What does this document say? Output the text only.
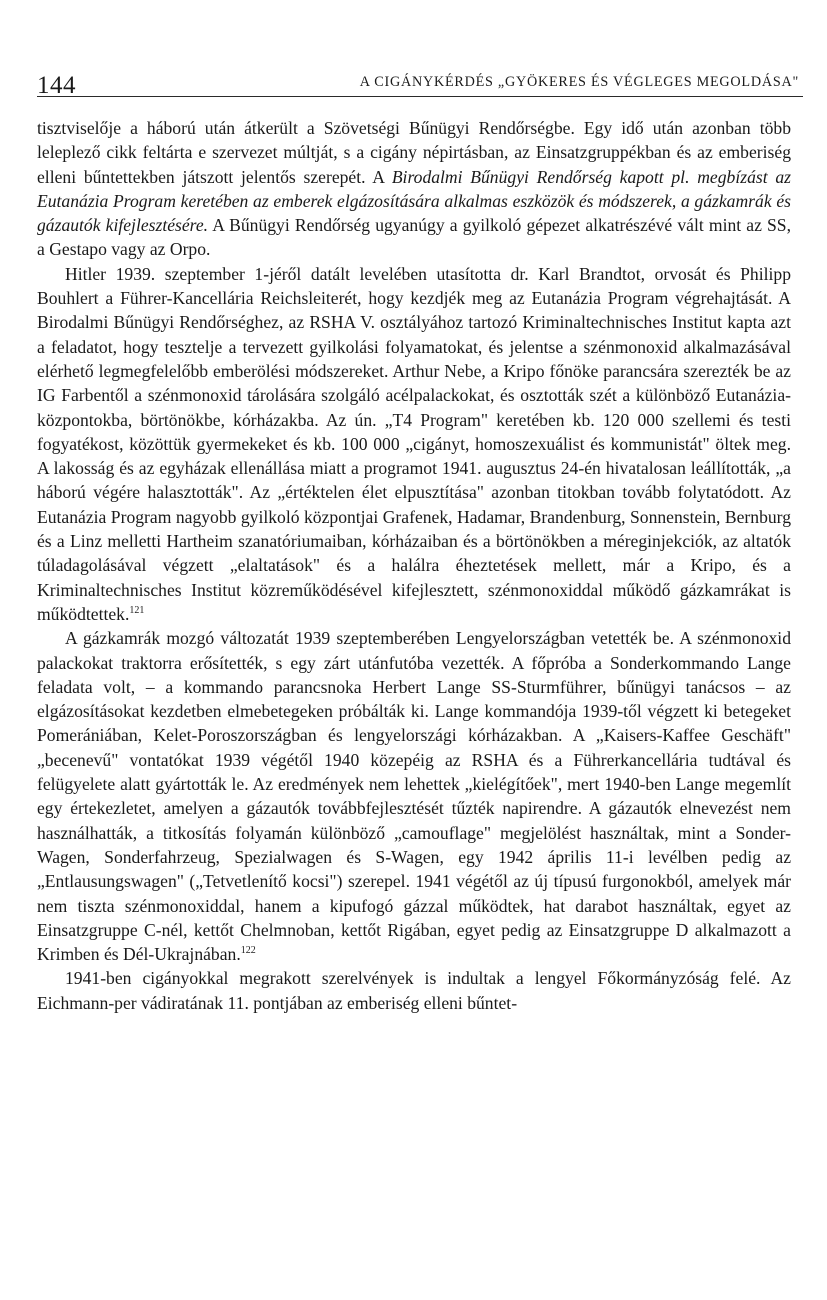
144	A CIGÁNYKÉRDÉS „GYÖKERES ÉS VÉGLEGES MEGOLDÁSA"

tisztviselője a háború után átkerült a Szövetségi Bűnügyi Rendőrségbe. Egy idő után azonban több leleplező cikk feltárta e szervezet múltját, s a cigány népirtásban, az Einsatzgruppékban és az emberiség elleni bűntettekben játszott jelentős szerepét. A Birodalmi Bűnügyi Rendőrség kapott pl. megbízást az Eutanázia Program keretében az emberek elgázosítására alkalmas eszközök és módszerek, a gázkamrák és gázautók kifejlesztésére. A Bűnügyi Rendőrség ugyanúgy a gyilkoló gépezet alkatrészévé vált mint az SS, a Gestapo vagy az Orpo.

Hitler 1939. szeptember 1-jéről datált levelében utasította dr. Karl Brandtot, orvosát és Philipp Bouhlert a Führer-Kancellária Reichsleiterét, hogy kezdjék meg az Eutanázia Program végrehajtását. A Birodalmi Bűnügyi Rendőrséghez, az RSHA V. osztályához tartozó Kriminaltechnisches Institut kapta azt a feladatot, hogy tesztelje a tervezett gyilkolási folyamatokat, és jelentse a szénmonoxid alkalmazásával elérhető legmegfelelőbb emberölési módszereket. Arthur Nebe, a Kripo főnöke parancsára szerezték be az IG Farbentől a szénmonoxid tárolására szolgáló acélpalackokat, és osztották szét a különböző Eutanázia-központokba, börtönökbe, kórházakba. Az ún. „T4 Program" keretében kb. 120 000 szellemi és testi fogyatékost, közöttük gyermekeket és kb. 100 000 „cigányt, homoszexuálist és kommunistát" öltek meg. A lakosság és az egyházak ellenállása miatt a programot 1941. augusztus 24-én hivatalosan leállították, „a háború végére halasztották". Az „értéktelen élet elpusztítása" azonban titokban tovább folytatódott. Az Eutanázia Program nagyobb gyilkoló központjai Grafenek, Hadamar, Brandenburg, Sonnenstein, Bernburg és a Linz melletti Hartheim szanatóriumaiban, kórházaiban és a börtönökben a méreginjekciók, az altatók túladagolásával végzett „elaltatások" és a halálra éheztetések mellett, már a Kripo, és a Kriminaltechnisches Institut közreműködésével kifejlesztett, szénmonoxiddal működő gázkamrákat is működtettek.$^{121}$

A gázkamrák mozgó változatát 1939 szeptemberében Lengyelországban vetették be. A szénmonoxid palackokat traktorra erősítették, s egy zárt utánfutóba vezették. A főpróba a Sonderkommando Lange feladata volt, – a kommando parancsnoka Herbert Lange SS-Sturmführer, bűnügyi tanácsos – az elgázosításokat kezdetben elmebetegeken próbálták ki. Lange kommandója 1939-től végzett ki betegeket Pomerániában, Kelet-Poroszországban és lengyelországi kórházakban. A „Kaisers-Kaffee Geschäft" „becenevű" vontatókat 1939 végétől 1940 közepéig az RSHA és a Führerkancellária tudtával és felügyelete alatt gyártották le. Az eredmények nem lehettek „kielégítőek", mert 1940-ben Lange megemlít egy értekezletet, amelyen a gázautók továbbfejlesztését tűzték napirendre. A gázautók elnevezést nem használhatták, a titkosítás folyamán különböző „camouflage" megjelölést használtak, mint a Sonder-Wagen, Sonderfahrzeug, Spezialwagen és S-Wagen, egy 1942 április 11-i levélben pedig az „Entlausungswagen" („Tetvetlenítő kocsi") szerepel. 1941 végétől az új típusú furgonokból, amelyek már nem tiszta szénmonoxiddal, hanem a kipufogó gázzal működtek, hat darabot használtak, egyet az Einsatzgruppe C-nél, kettőt Chelmnoban, kettőt Rigában, egyet pedig az Einsatzgruppe D alkalmazott a Krimben és Dél-Ukrajnában.$^{122}$

1941-ben cigányokkal megrakott szerelvények is indultak a lengyel Főkormányzóság felé. Az Eichmann-per vádiratának 11. pontjában az emberiség elleni bűntet-
